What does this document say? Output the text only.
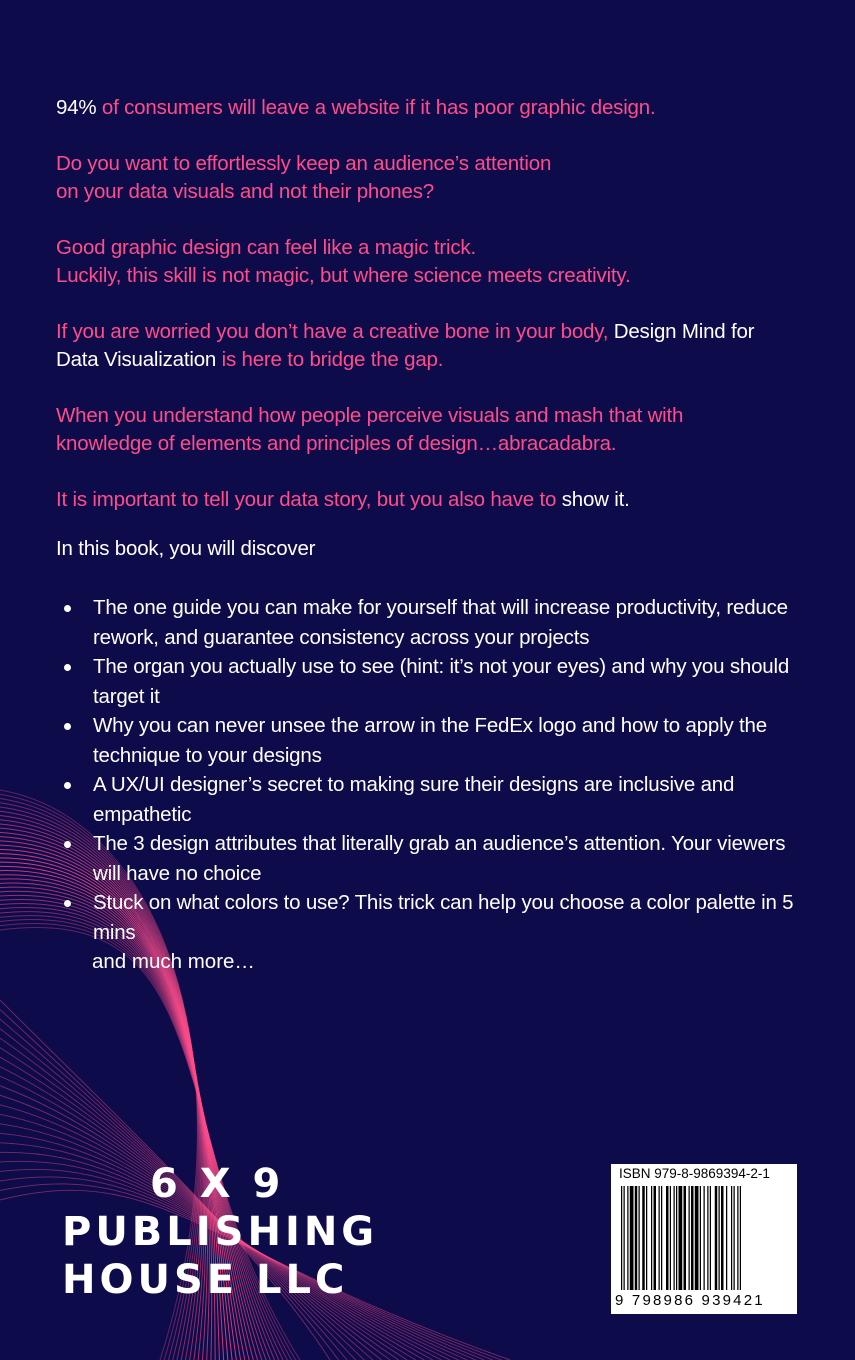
94% of consumers will leave a website if it has poor graphic design.

Do you want to effortlessly keep an audience’s attention on your data visuals and not their phones?

Good graphic design can feel like a magic trick.
Luckily, this skill is not magic, but where science meets creativity.

If you are worried you don’t have a creative bone in your body, Design Mind for Data Visualization is here to bridge the gap.

When you understand how people perceive visuals and mash that with knowledge of elements and principles of design…abracadabra.

It is important to tell your data story, but you also have to show it.

In this book, you will discover
The one guide you can make for yourself that will increase productivity, reduce rework, and guarantee consistency across your projects
The organ you actually use to see (hint: it’s not your eyes) and why you should target it
Why you can never unsee the arrow in the FedEx logo and how to apply the technique to your designs
A UX/UI designer’s secret to making sure their designs are inclusive and empathetic
The 3 design attributes that literally grab an audience’s attention. Your viewers will have no choice
Stuck on what colors to use? This trick can help you choose a color palette in 5 mins
and much more…
6 X 9
PUBLISHING
HOUSE LLC
ISBN 979-8-9869394-2-1
9 798986 939421
